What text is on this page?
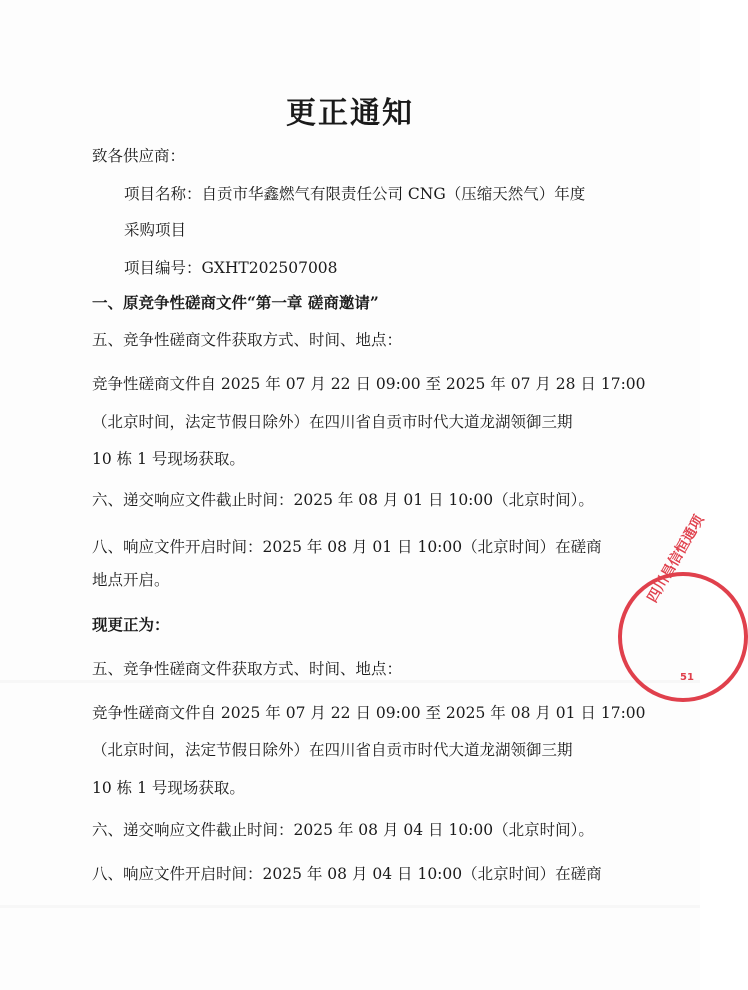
更正通知
致各供应商：
项目名称：自贡市华鑫燃气有限责任公司 CNG（压缩天然气）年度
采购项目
项目编号：GXHT202507008
一、原竞争性磋商文件“第一章 磋商邀请”
五、竞争性磋商文件获取方式、时间、地点：
竞争性磋商文件自 2025 年 07 月 22 日 09:00 至 2025 年 07 月 28 日 17:00
（北京时间，法定节假日除外）在四川省自贡市时代大道龙湖领御三期
10 栋 1 号现场获取。
六、递交响应文件截止时间：2025 年 08 月 01 日 10:00（北京时间）。
八、响应文件开启时间：2025 年 08 月 01 日 10:00（北京时间）在磋商
地点开启。
现更正为：
五、竞争性磋商文件获取方式、时间、地点：
竞争性磋商文件自 2025 年 07 月 22 日 09:00 至 2025 年 08 月 01 日 17:00
（北京时间，法定节假日除外）在四川省自贡市时代大道龙湖领御三期
10 栋 1 号现场获取。
六、递交响应文件截止时间：2025 年 08 月 04 日 10:00（北京时间）。
八、响应文件开启时间：2025 年 08 月 04 日 10:00（北京时间）在磋商
四川昌信恒通项
51
